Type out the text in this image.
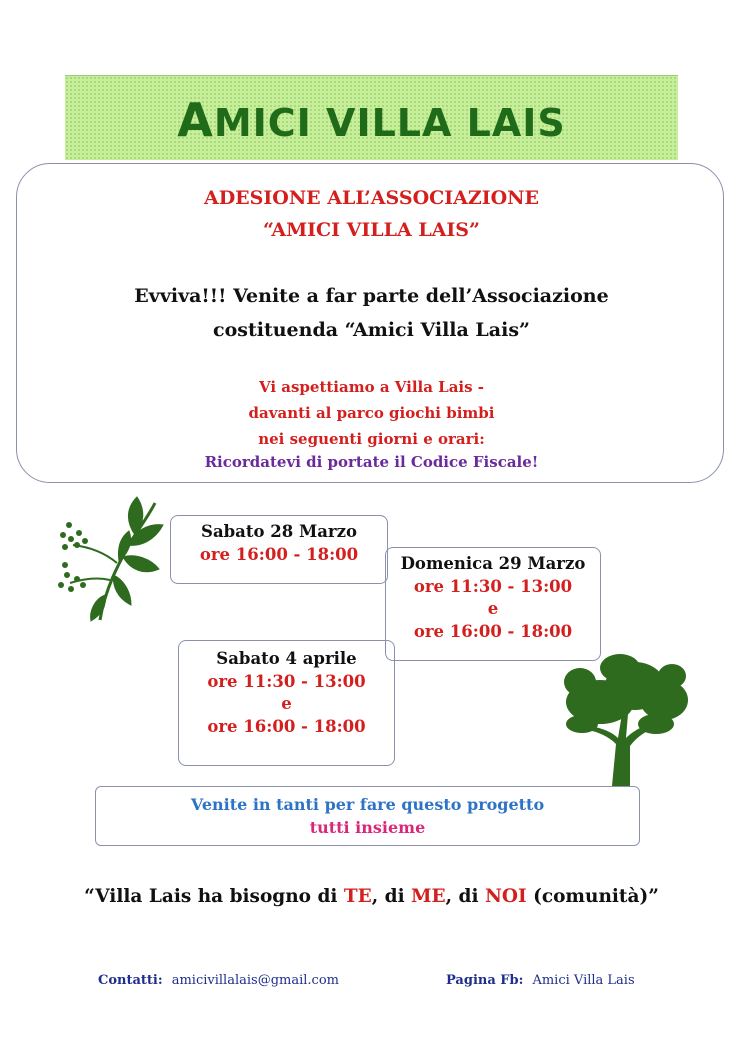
AMICI VILLA LAIS
ADESIONE ALL’ASSOCIAZIONE
“AMICI VILLA LAIS”
Evviva!!! Venite a far parte dell’Associazione
costituenda “Amici Villa Lais”
Vi aspettiamo a Villa Lais -
davanti al parco giochi bimbi
nei seguenti giorni e orari:
Ricordatevi di portate il Codice Fiscale!
Sabato 28 Marzo
ore 16:00 - 18:00	Domenica 29 Marzo
ore 11:30 - 13:00
e
ore 16:00 - 18:00
Sabato 4 aprile
ore 11:30 - 13:00
e
ore 16:00 - 18:00
Venite in tanti per fare questo progetto
tutti insieme
“Villa Lais ha bisogno di TE, di ME, di NOI (comunità)”
Contatti: amicivillalais@gmail.com	Pagina Fb: Amici Villa Lais
